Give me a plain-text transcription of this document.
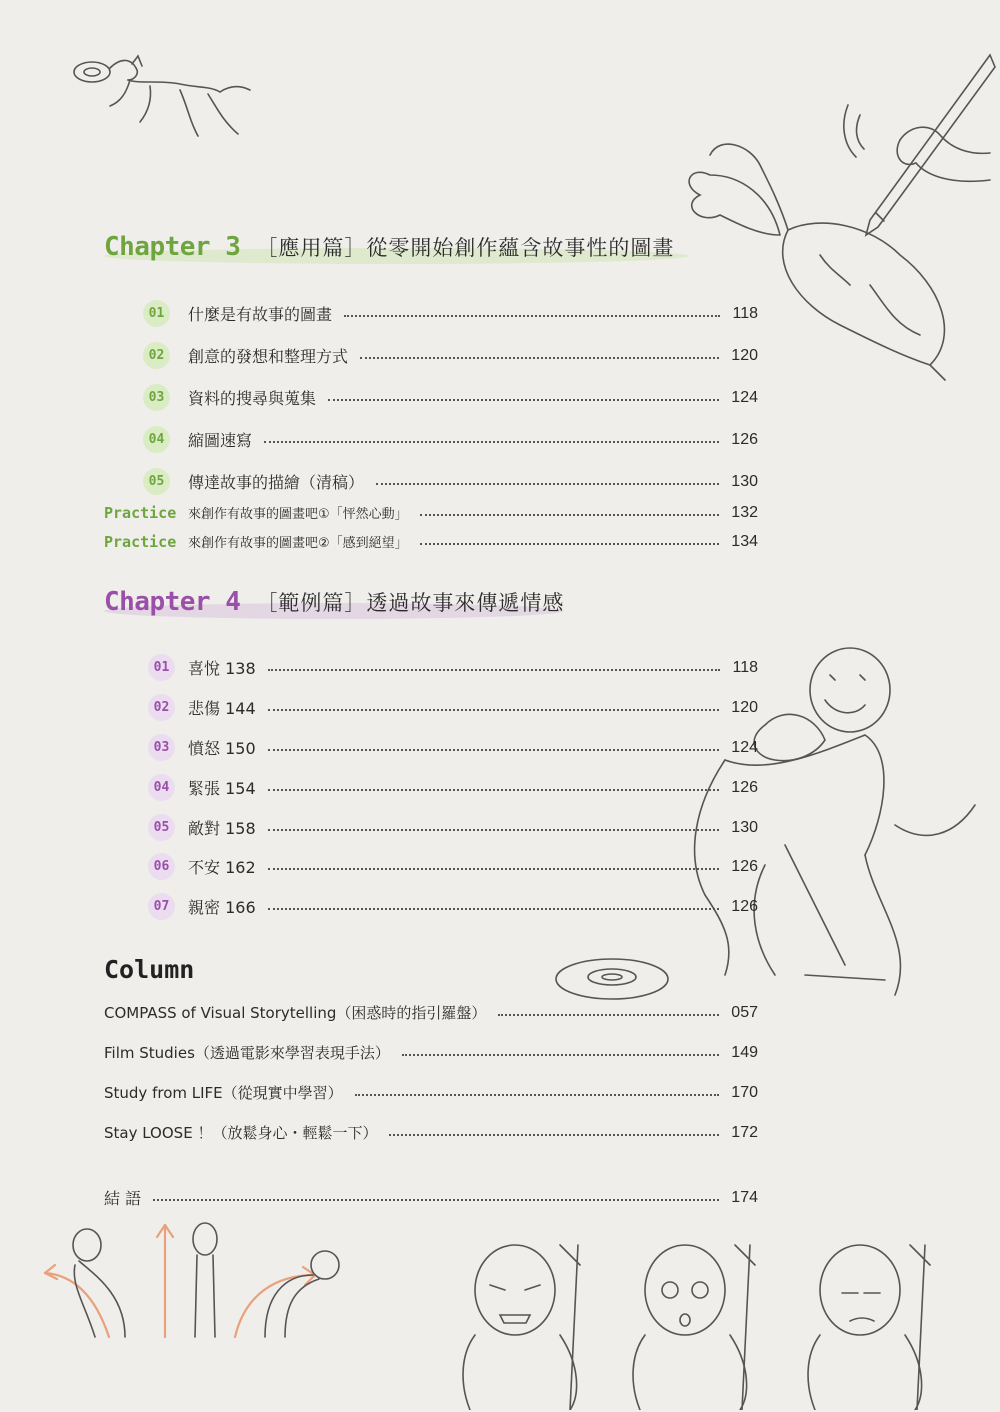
Chapter 3 ［應用篇］從零開始創作蘊含故事性的圖畫
01	什麼是有故事的圖畫	118
02	創意的發想和整理方式	120
03	資料的搜尋與蒐集	124
04	縮圖速寫	126
05	傳達故事的描繪（清稿）	130
Practice 來創作有故事的圖畫吧①「怦然心動」	132
Practice 來創作有故事的圖畫吧②「感到絕望」	134
Chapter 4 ［範例篇］透過故事來傳遞情感
01	喜悅 138	118
02	悲傷 144	120
03	憤怒 150	124
04	緊張 154	126
05	敵對 158	130
06	不安 162	126
07	親密 166	126
Column
COMPASS of Visual Storytelling（困惑時的指引羅盤）	057
Film Studies（透過電影來學習表現手法）	149
Study from LIFE（從現實中學習）	170
Stay LOOSE ！（放鬆身心・輕鬆一下）	172
結 語	174
